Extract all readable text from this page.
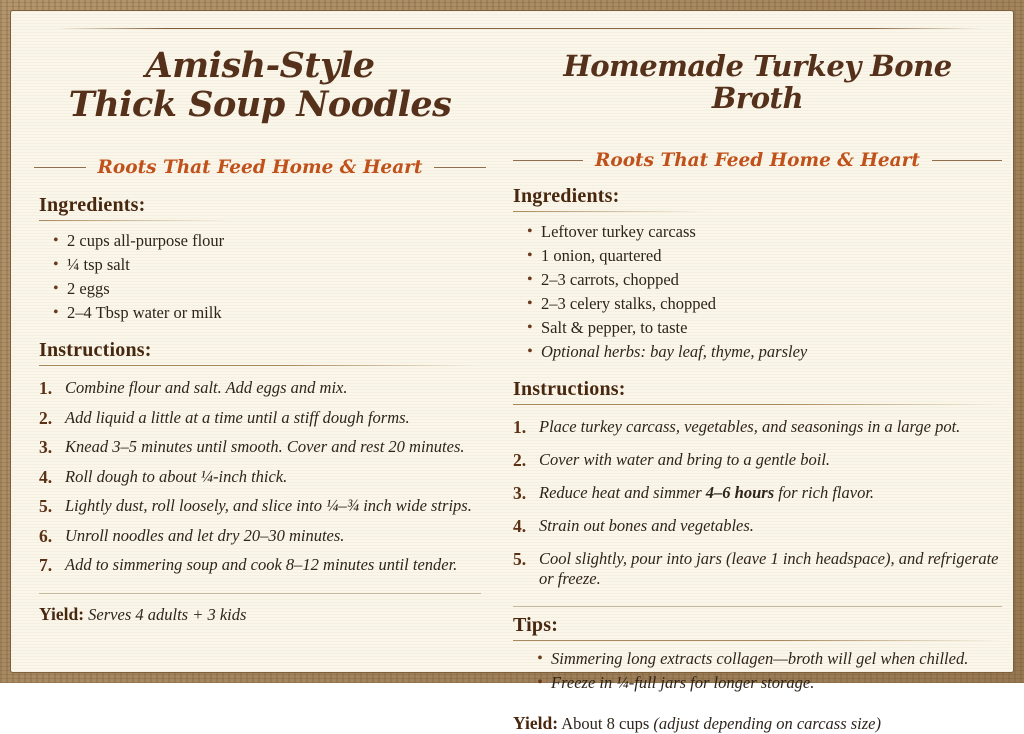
Amish-Style
Thick Soup Noodles
Roots That Feed Home & Heart
Ingredients:
• 2 cups all-purpose flour
• ¼ tsp salt
• 2 eggs
• 2–4 Tbsp water or milk
Instructions:
1. Combine flour and salt. Add eggs and mix.
2. Add liquid a little at a time until a stiff dough forms.
3. Knead 3–5 minutes until smooth. Cover and rest 20 minutes.
4. Roll dough to about ¼-inch thick.
5. Lightly dust, roll loosely, and slice into ¼–¾ inch wide strips.
6. Unroll noodles and let dry 20–30 minutes.
7. Add to simmering soup and cook 8–12 minutes until tender.
Yield: Serves 4 adults + 3 kids
Homemade Turkey Bone Broth
Roots That Feed Home & Heart
Ingredients:
• Leftover turkey carcass
• 1 onion, quartered
• 2–3 carrots, chopped
• 2–3 celery stalks, chopped
• Salt & pepper, to taste
• Optional herbs: bay leaf, thyme, parsley
Instructions:
1. Place turkey carcass, vegetables, and seasonings in a large pot.
2. Cover with water and bring to a gentle boil.
3. Reduce heat and simmer 4–6 hours for rich flavor.
4. Strain out bones and vegetables.
5. Cool slightly, pour into jars (leave 1 inch headspace), and refrigerate or freeze.
Tips:
• Simmering long extracts collagen—broth will gel when chilled.
• Freeze in ¼-full jars for longer storage.
Yield: About 8 cups (adjust depending on carcass size)
